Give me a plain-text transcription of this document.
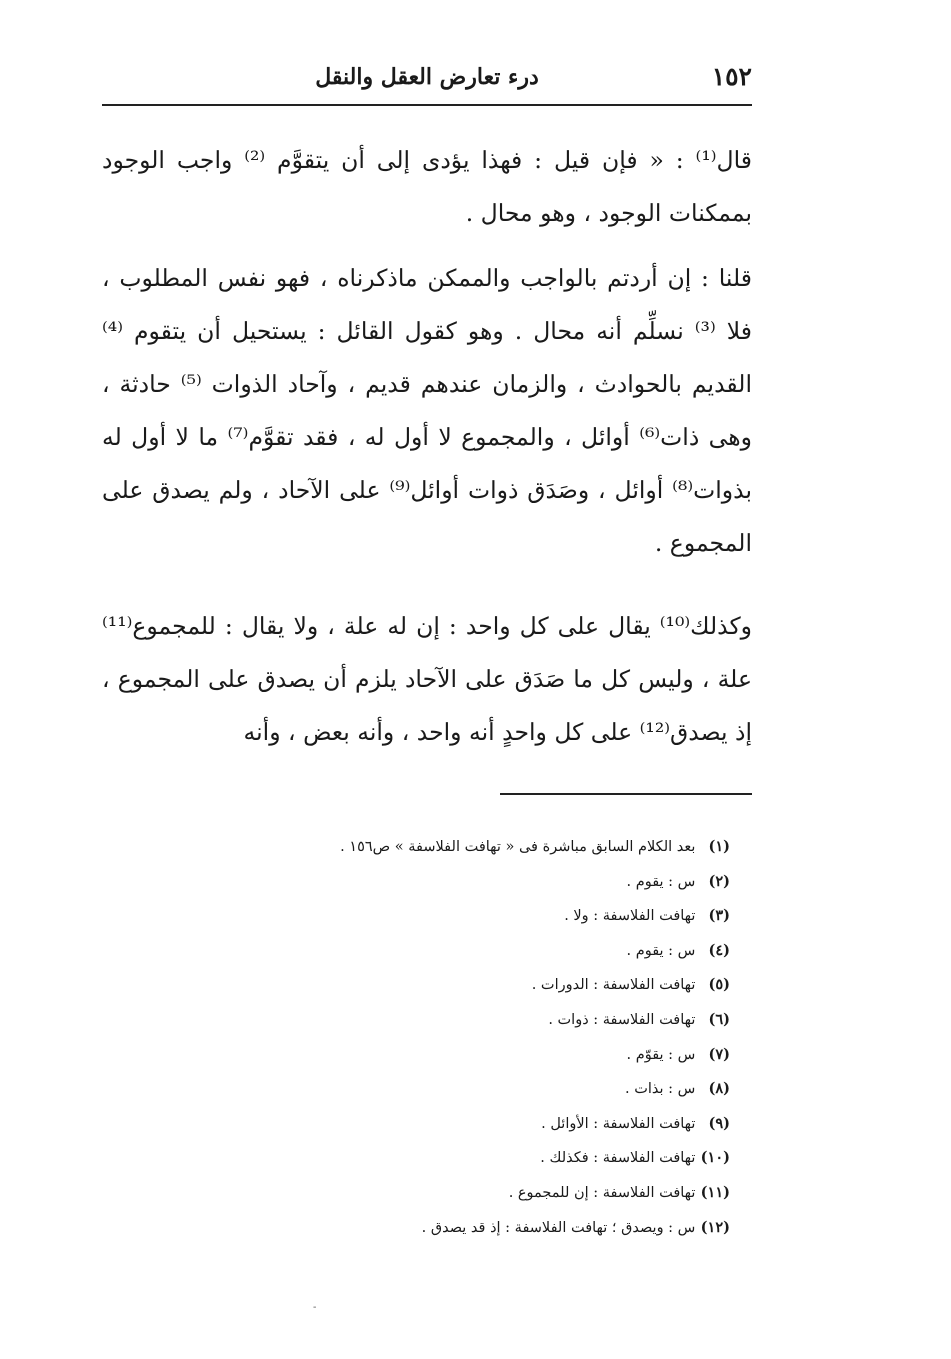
١٥٢
درء تعارض العقل والنقل

قال⁽¹⁾ : « فإن قيل : فهذا يؤدى إلى أن يتقوَّم ⁽²⁾ واجب الوجود بممكنات الوجود ، وهو محال .

قلنا : إن أردتم بالواجب والممكن ماذكرناه ، فهو نفس المطلوب ، فلا ⁽³⁾ نسلِّم أنه محال . وهو كقول القائل : يستحيل أن يتقوم ⁽⁴⁾ القديم بالحوادث ، والزمان عندهم قديم ، وآحاد الذوات ⁽⁵⁾ حادثة ، وهى ذات⁽⁶⁾ أوائل ، والمجموع لا أول له ، فقد تقوَّم⁽⁷⁾ ما لا أول له بذوات⁽⁸⁾ أوائل ، وصَدَق ذوات أوائل⁽⁹⁾ على الآحاد ، ولم يصدق على المجموع .

وكذلك⁽¹⁰⁾ يقال على كل واحد : إن له علة ، ولا يقال : للمجموع⁽¹¹⁾ علة ، وليس كل ما صَدَق على الآحاد يلزم أن يصدق على المجموع ، إذ يصدق⁽¹²⁾ على كل واحدٍ أنه واحد ، وأنه بعض ، وأنه

(١) بعد الكلام السابق مباشرة فى « تهافت الفلاسفة » ص١٥٦ .
(٢) س : يقوم .
(٣) تهافت الفلاسفة : ولا .
(٤) س : يقوم .
(٥) تهافت الفلاسفة : الدورات .
(٦) تهافت الفلاسفة : ذوات .
(٧) س : يقوّم .
(٨) س : بذات .
(٩) تهافت الفلاسفة : الأوائل .
(١٠) تهافت الفلاسفة : فكذلك .
(١١) تهافت الفلاسفة : إن للمجموع .
(١٢) س : ويصدق ؛ تهافت الفلاسفة : إذ قد يصدق .
-
